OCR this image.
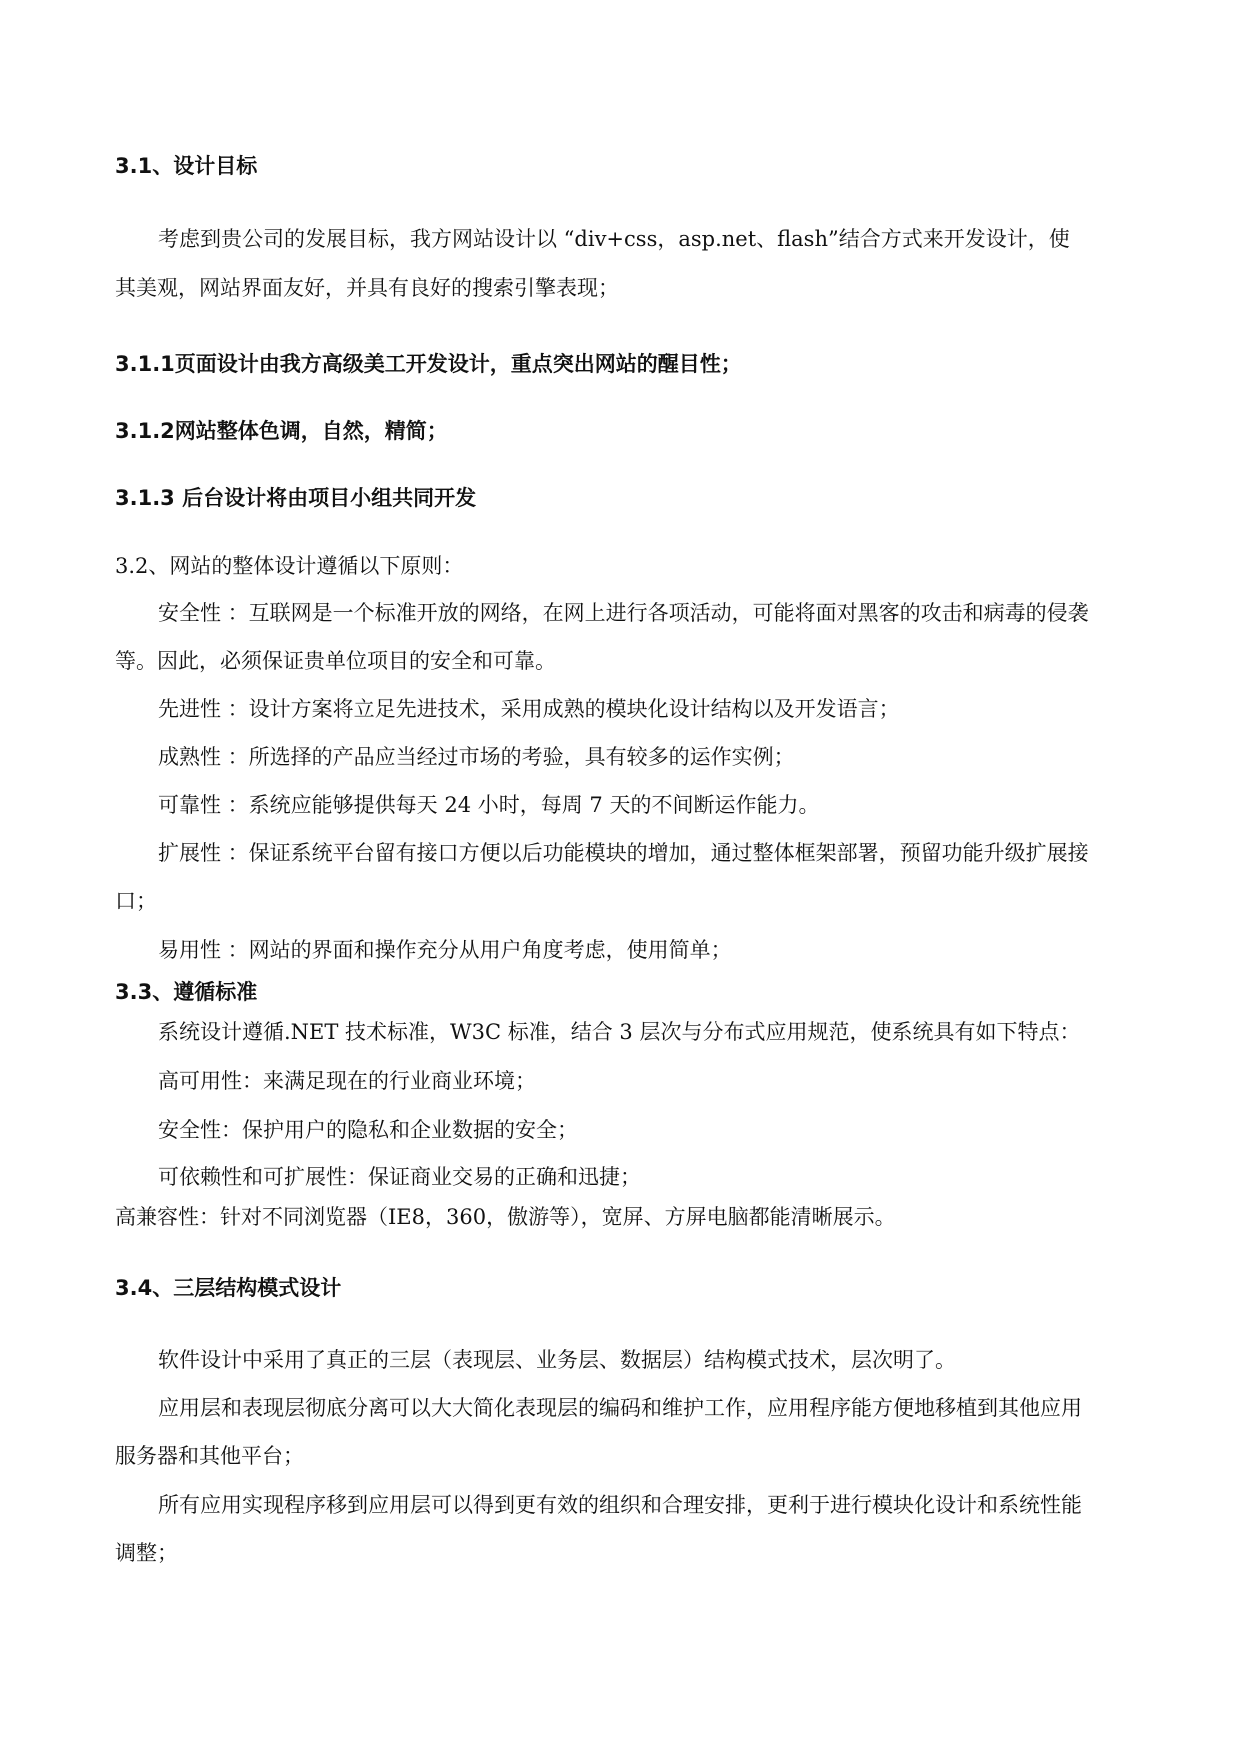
3.1、设计目标
考虑到贵公司的发展目标，我方网站设计以 “div+css，asp.net、flash”结合方式来开发设计，使
其美观，网站界面友好，并具有良好的搜索引擎表现；
3.1.1页面设计由我方高级美工开发设计，重点突出网站的醒目性；
3.1.2网站整体色调，自然，精简；
3.1.3 后台设计将由项目小组共同开发
3.2、网站的整体设计遵循以下原则：
安全性 ：互联网是一个标准开放的网络，在网上进行各项活动，可能将面对黑客的攻击和病毒的侵袭
等。因此，必须保证贵单位项目的安全和可靠。
先进性 ：设计方案将立足先进技术，采用成熟的模块化设计结构以及开发语言；
成熟性 ：所选择的产品应当经过市场的考验，具有较多的运作实例；
可靠性 ：系统应能够提供每天 24 小时，每周 7 天的不间断运作能力。
扩展性 ：保证系统平台留有接口方便以后功能模块的增加，通过整体框架部署，预留功能升级扩展接
口；
易用性 ：网站的界面和操作充分从用户角度考虑，使用简单；
3.3、遵循标准
系统设计遵循.NET 技术标准，W3C 标准，结合 3 层次与分布式应用规范，使系统具有如下特点：
高可用性：来满足现在的行业商业环境；
安全性：保护用户的隐私和企业数据的安全；
可依赖性和可扩展性：保证商业交易的正确和迅捷；
高兼容性：针对不同浏览器（IE8，360，傲游等），宽屏、方屏电脑都能清晰展示。
3.4、三层结构模式设计
软件设计中采用了真正的三层（表现层、业务层、数据层）结构模式技术，层次明了。
应用层和表现层彻底分离可以大大简化表现层的编码和维护工作，应用程序能方便地移植到其他应用
服务器和其他平台；
所有应用实现程序移到应用层可以得到更有效的组织和合理安排，更利于进行模块化设计和系统性能
调整；
